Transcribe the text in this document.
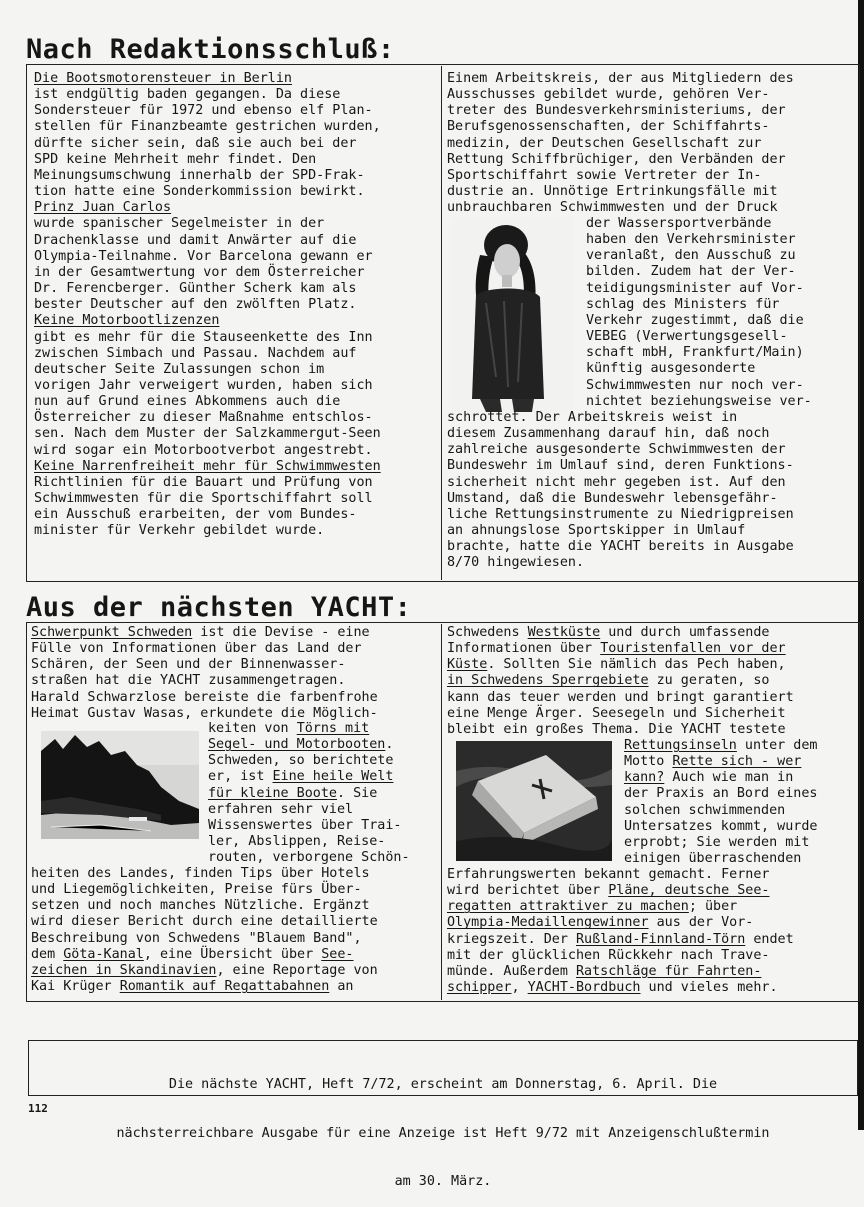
Nach Redaktionsschluß:
Die Bootsmotorensteuer in Berlin
ist endgültig baden gegangen. Da diese
Sondersteuer für 1972 und ebenso elf Plan-
stellen für Finanzbeamte gestrichen wurden,
dürfte sicher sein, daß sie auch bei der
SPD keine Mehrheit mehr findet. Den
Meinungsumschwung innerhalb der SPD-Frak-
tion hatte eine Sonderkommission bewirkt.
Prinz Juan Carlos
wurde spanischer Segelmeister in der
Drachenklasse und damit Anwärter auf die
Olympia-Teilnahme. Vor Barcelona gewann er
in der Gesamtwertung vor dem Österreicher
Dr. Ferencberger. Günther Scherk kam als
bester Deutscher auf den zwölften Platz.
Keine Motorbootlizenzen
gibt es mehr für die Stauseenkette des Inn
zwischen Simbach und Passau. Nachdem auf
deutscher Seite Zulassungen schon im
vorigen Jahr verweigert wurden, haben sich
nun auf Grund eines Abkommens auch die
Österreicher zu dieser Maßnahme entschlos-
sen. Nach dem Muster der Salzkammergut-Seen
wird sogar ein Motorbootverbot angestrebt.
Keine Narrenfreiheit mehr für Schwimmwesten
Richtlinien für die Bauart und Prüfung von
Schwimmwesten für die Sportschiffahrt soll
ein Ausschuß erarbeiten, der vom Bundes-
minister für Verkehr gebildet wurde.
Einem Arbeitskreis, der aus Mitgliedern des
Ausschusses gebildet wurde, gehören Ver-
treter des Bundesverkehrsministeriums, der
Berufsgenossenschaften, der Schiffahrts-
medizin, der Deutschen Gesellschaft zur
Rettung Schiffbrüchiger, den Verbänden der
Sportschiffahrt sowie Vertreter der In-
dustrie an. Unnötige Ertrinkungsfälle mit
unbrauchbaren Schwimmwesten und der Druck
der Wassersportverbände
haben den Verkehrsminister
veranlaßt, den Ausschuß zu
bilden. Zudem hat der Ver-
teidigungsminister auf Vor-
schlag des Ministers für
Verkehr zugestimmt, daß die
VEBEG (Verwertungsgesell-
schaft mbH, Frankfurt/Main)
künftig ausgesonderte
Schwimmwesten nur noch ver-
nichtet beziehungsweise ver-
schrottet. Der Arbeitskreis weist in
diesem Zusammenhang darauf hin, daß noch
zahlreiche ausgesonderte Schwimmwesten der
Bundeswehr im Umlauf sind, deren Funktions-
sicherheit nicht mehr gegeben ist. Auf den
Umstand, daß die Bundeswehr lebensgefähr-
liche Rettungsinstrumente zu Niedrigpreisen
an ahnungslose Sportskipper in Umlauf
brachte, hatte die YACHT bereits in Ausgabe
8/70 hingewiesen.
Aus der nächsten YACHT:
Schwerpunkt Schweden ist die Devise - eine
Fülle von Informationen über das Land der
Schären, der Seen und der Binnenwasser-
straßen hat die YACHT zusammengetragen.
Harald Schwarzlose bereiste die farbenfrohe
Heimat Gustav Wasas, erkundete die Möglich-
keiten von Törns mit
Segel- und Motorbooten.
Schweden, so berichtete
er, ist Eine heile Welt
für kleine Boote. Sie
erfahren sehr viel
Wissenswertes über Trai-
ler, Abslippen, Reise-
routen, verborgene Schön-
heiten des Landes, finden Tips über Hotels
und Liegemöglichkeiten, Preise fürs Über-
setzen und noch manches Nützliche. Ergänzt
wird dieser Bericht durch eine detaillierte
Beschreibung von Schwedens "Blauem Band",
dem Göta-Kanal, eine Übersicht über See-
zeichen in Skandinavien, eine Reportage von
Kai Krüger Romantik auf Regattabahnen an
Schwedens Westküste und durch umfassende
Informationen über Touristenfallen vor der
Küste. Sollten Sie nämlich das Pech haben,
in Schwedens Sperrgebiete zu geraten, so
kann das teuer werden und bringt garantiert
eine Menge Ärger. Seesegeln und Sicherheit
bleibt ein großes Thema. Die YACHT testete
Rettungsinseln unter dem
Motto Rette sich - wer
kann? Auch wie man in
der Praxis an Bord eines
solchen schwimmenden
Untersatzes kommt, wurde
erprobt; Sie werden mit
einigen überraschenden
Erfahrungswerten bekannt gemacht. Ferner
wird berichtet über Pläne, deutsche See-
regatten attraktiver zu machen; über
Olympia-Medaillengewinner aus der Vor-
kriegszeit. Der Rußland-Finnland-Törn endet
mit der glücklichen Rückkehr nach Trave-
münde. Außerdem Ratschläge für Fahrten-
schipper, YACHT-Bordbuch und vieles mehr.

Die nächste YACHT, Heft 7/72, erscheint am Donnerstag, 6. April. Die

nächsterreichbare Ausgabe für eine Anzeige ist Heft 9/72 mit Anzeigenschlußtermin

am 30. März.

112
